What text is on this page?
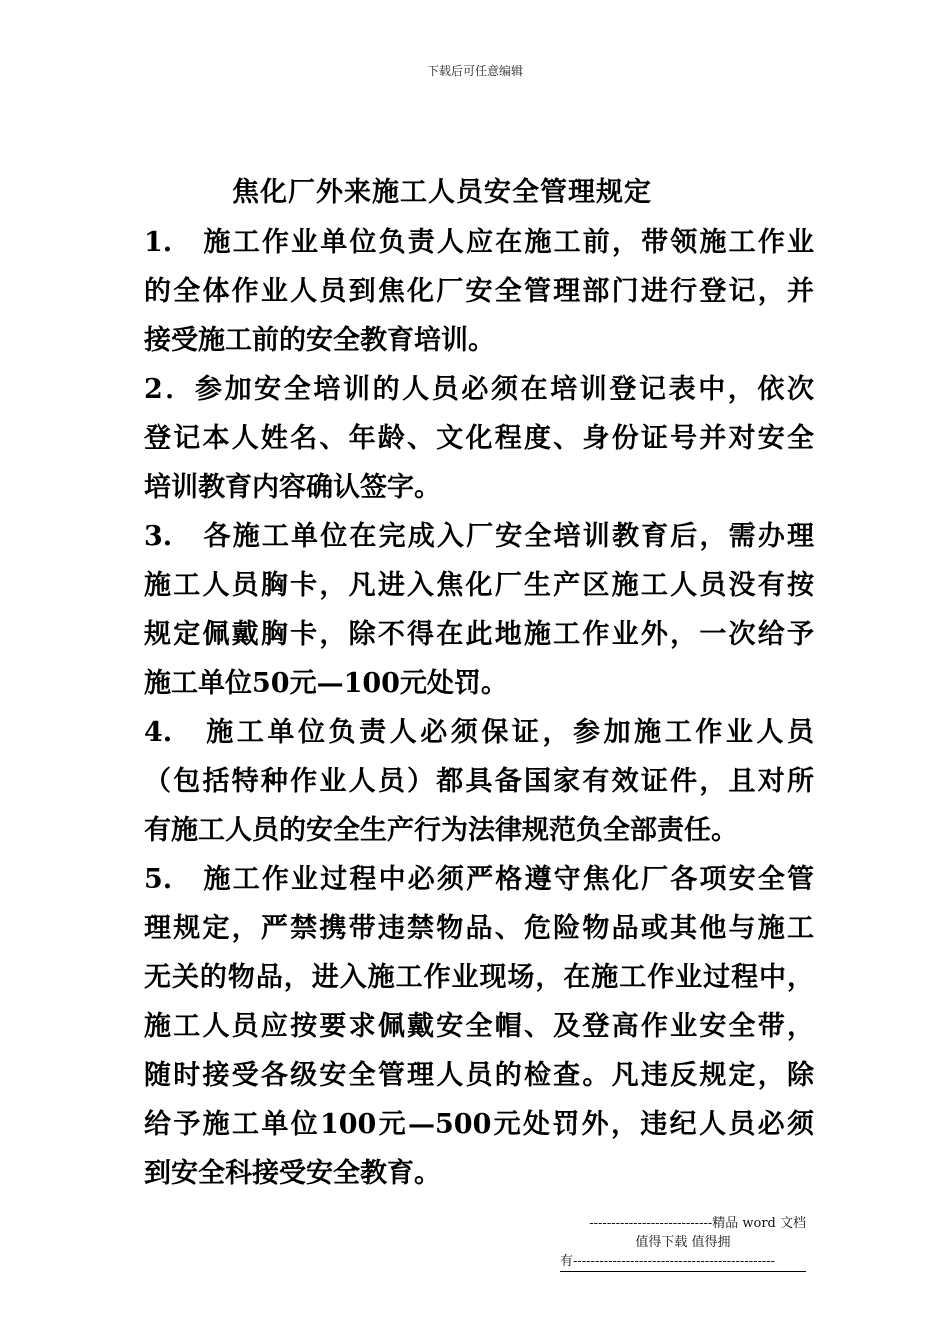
下载后可任意编辑
焦化厂外来施工人员安全管理规定
1.　施工作业单位负责人应在施工前，带领施工作业
的全体作业人员到焦化厂安全管理部门进行登记，并
接受施工前的安全教育培训。
2．参加安全培训的人员必须在培训登记表中，依次
登记本人姓名、年龄、文化程度、身份证号并对安全
培训教育内容确认签字。
3.　各施工单位在完成入厂安全培训教育后，需办理
施工人员胸卡，凡进入焦化厂生产区施工人员没有按
规定佩戴胸卡，除不得在此地施工作业外，一次给予
施工单位50元—100元处罚。
4.　施工单位负责人必须保证，参加施工作业人员
（包括特种作业人员）都具备国家有效证件，且对所
有施工人员的安全生产行为法律规范负全部责任。
5.　施工作业过程中必须严格遵守焦化厂各项安全管
理规定，严禁携带违禁物品、危险物品或其他与施工
无关的物品，进入施工作业现场，在施工作业过程中，
施工人员应按要求佩戴安全帽、及登高作业安全带，
随时接受各级安全管理人员的检查。凡违反规定，除
给予施工单位100元—500元处罚外，违纪人员必须
到安全科接受安全教育。
----------------------------精品 word 文档
值得下载 值得拥
有----------------------------------------------
